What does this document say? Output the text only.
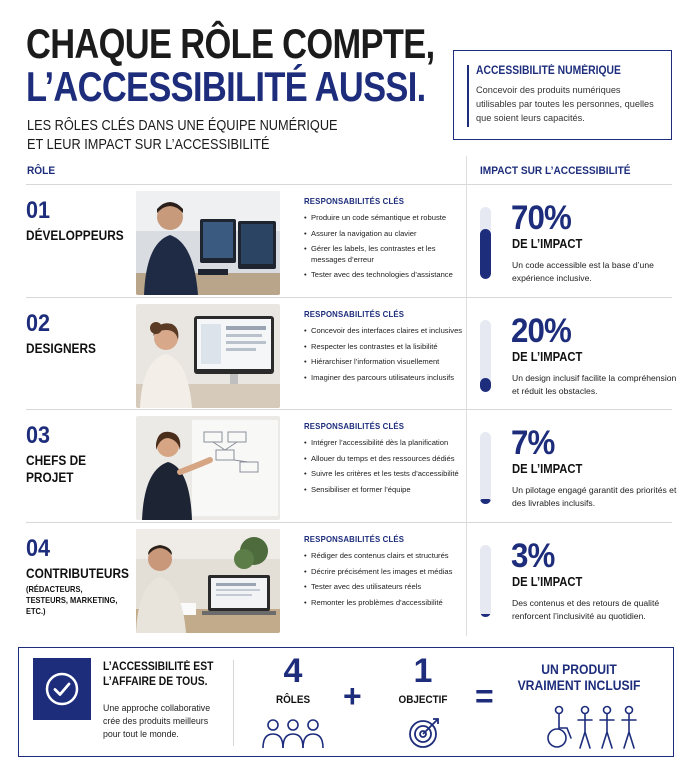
CHAQUE RÔLE COMPTE,
L’ACCESSIBILITÉ AUSSI.
LES RÔLES CLÉS DANS UNE ÉQUIPE NUMÉRIQUE
ET LEUR IMPACT SUR L’ACCESSIBILITÉ
ACCESSIBILITÉ NUMÉRIQUE
Concevoir des produits numériques utilisables par toutes les personnes, quelles que soient leurs capacités.
RÔLE	IMPACT SUR L’ACCESSIBILITÉ
01
DÉVELOPPEURS
RESPONSABILITÉS CLÉS
• Produire un code sémantique et robuste
• Assurer la navigation au clavier
• Gérer les labels, les contrastes et les messages d’erreur
• Tester avec des technologies d’assistance
70%
DE L’IMPACT
Un code accessible est la base d’une expérience inclusive.
02
DESIGNERS
RESPONSABILITÉS CLÉS
• Concevoir des interfaces claires et inclusives
• Respecter les contrastes et la lisibilité
• Hiérarchiser l’information visuellement
• Imaginer des parcours utilisateurs inclusifs
20%
DE L’IMPACT
Un design inclusif facilite la compréhension et réduit les obstacles.
03
CHEFS DE PROJET
RESPONSABILITÉS CLÉS
• Intégrer l’accessibilité dès la planification
• Allouer du temps et des ressources dédiés
• Suivre les critères et les tests d’accessibilité
• Sensibiliser et former l’équipe
7%
DE L’IMPACT
Un pilotage engagé garantit des priorités et des livrables inclusifs.
04
CONTRIBUTEURS
(RÉDACTEURS, TESTEURS, MARKETING, ETC.)
RESPONSABILITÉS CLÉS
• Rédiger des contenus clairs et structurés
• Décrire précisément les images et médias
• Tester avec des utilisateurs réels
• Remonter les problèmes d’accessibilité
3%
DE L’IMPACT
Des contenus et des retours de qualité renforcent l’inclusivité au quotidien.
L’ACCESSIBILITÉ EST L’AFFAIRE DE TOUS.
Une approche collaborative crée des produits meilleurs pour tout le monde.
4
RÔLES	+
1
OBJECTIF =
UN PRODUIT VRAIMENT INCLUSIF
